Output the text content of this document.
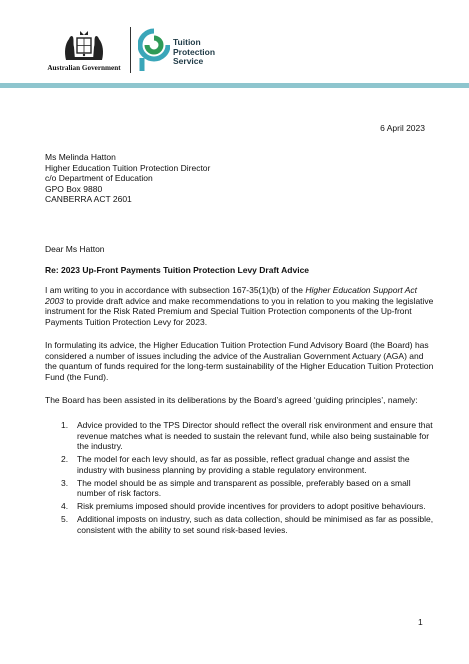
Australian Government
Tuition
Protection
Service
6 April 2023
Ms Melinda Hatton
Higher Education Tuition Protection Director
c/o Department of Education
GPO Box 9880
CANBERRA ACT 2601
Dear Ms Hatton
Re: 2023 Up-Front Payments Tuition Protection Levy Draft Advice
I am writing to you in accordance with subsection 167-35(1)(b) of the Higher Education Support Act 2003 to provide draft advice and make recommendations to you in relation to you making the legislative instrument for the Risk Rated Premium and Special Tuition Protection components of the Up-front Payments Tuition Protection Levy for 2023.
In formulating its advice, the Higher Education Tuition Protection Fund Advisory Board (the Board) has considered a number of issues including the advice of the Australian Government Actuary (AGA) and the quantum of funds required for the long-term sustainability of the Higher Education Tuition Protection Fund (the Fund).
The Board has been assisted in its deliberations by the Board’s agreed ‘guiding principles’, namely:
1. Advice provided to the TPS Director should reflect the overall risk environment and ensure that revenue matches what is needed to sustain the relevant fund, while also being sustainable for the industry.
2. The model for each levy should, as far as possible, reflect gradual change and assist the industry with business planning by providing a stable regulatory environment.
3. The model should be as simple and transparent as possible, preferably based on a small number of risk factors.
4. Risk premiums imposed should provide incentives for providers to adopt positive behaviours.
5. Additional imposts on industry, such as data collection, should be minimised as far as possible, consistent with the ability to set sound risk-based levies.
1
